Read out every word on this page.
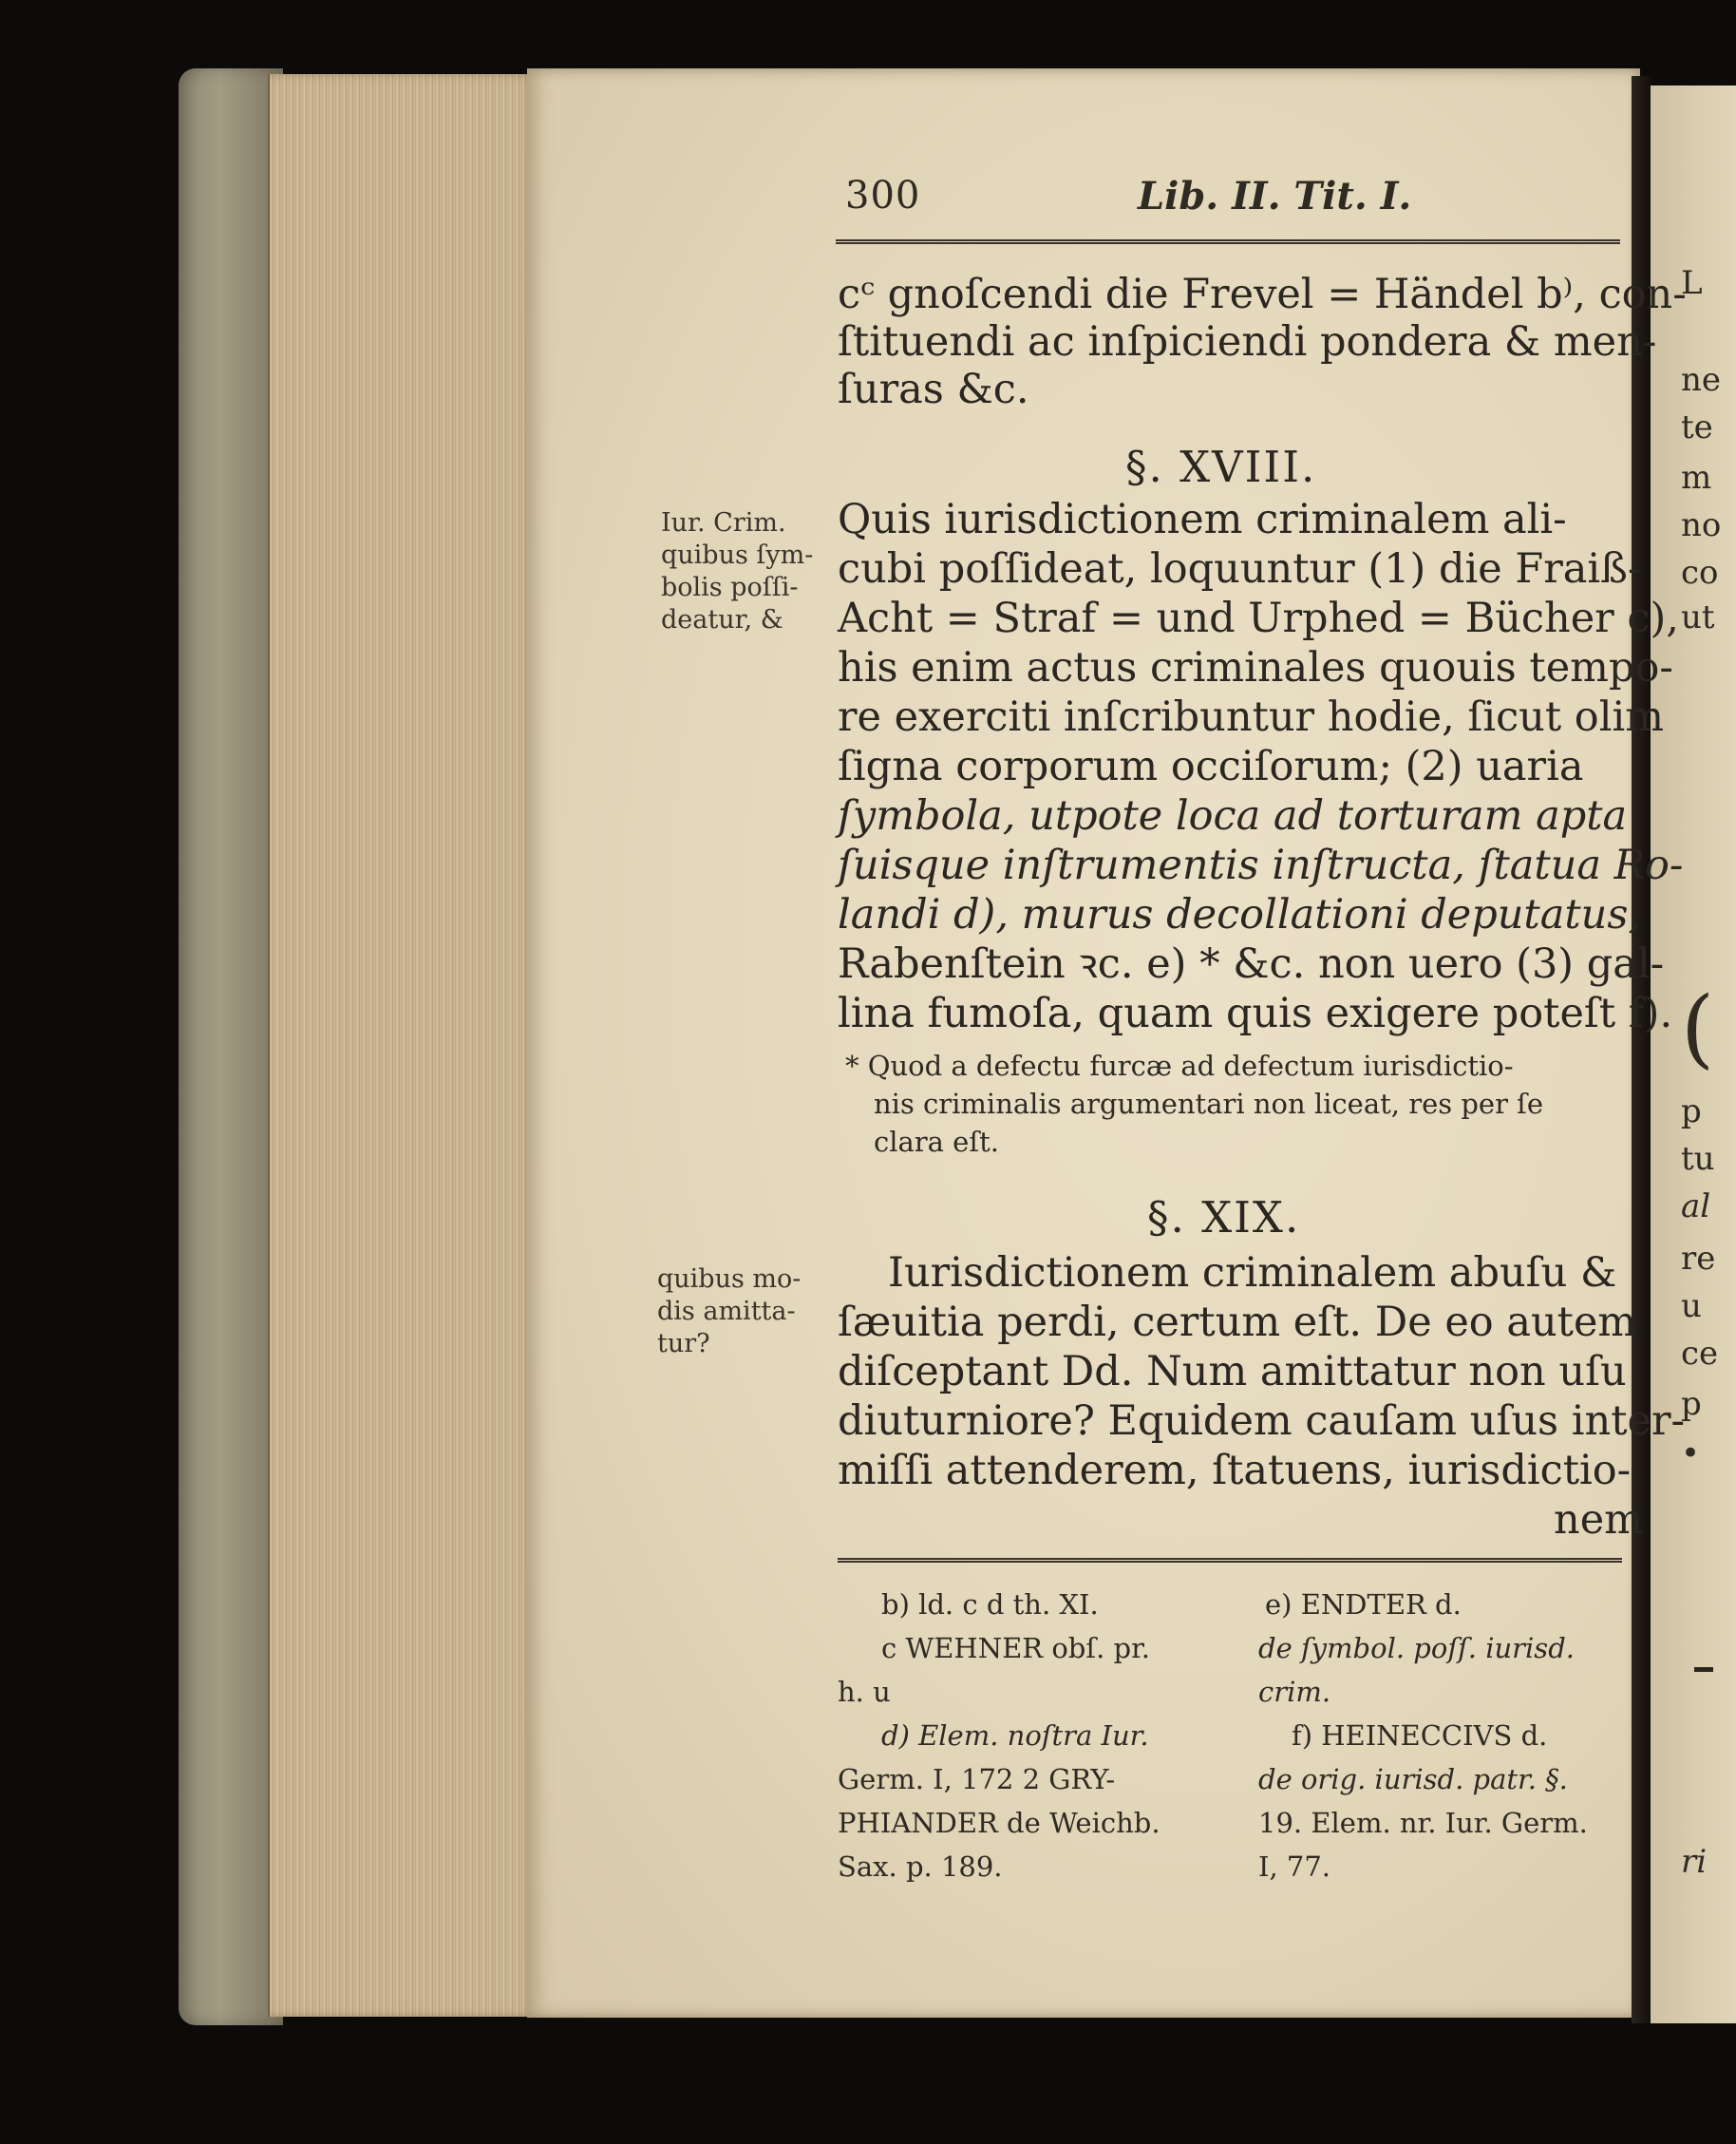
L
ne
te
m
no
co
ut
(
p
tu
al
re
u
ce
p
•
ri
300	Lib. II. Tit. I.
cᶜ gnoſcendi die Frevel = Händel b⁾, con-
ſtituendi ac inſpiciendi pondera & men-
ſuras &c.
§. XVIII.
Iur. Crim.
quibus ſym-
bolis poſſi-
deatur, &
Quis iurisdictionem criminalem ali-
cubi poſſideat, loquuntur (1) die Fraiß-
Acht = Straf = und Urphed = Bücher c),
his enim actus criminales quouis tempo-
re exerciti inſcribuntur hodie, ſicut olim
ſigna corporum occiſorum; (2) uaria
ſymbola, utpote loca ad torturam apta
ſuisque inſtrumentis inſtructa, ſtatua Ro-
landi d), murus decollationi deputatus,
Rabenſtein ꝛc. e) * &c. non uero (3) gal-
lina fumoſa, quam quis exigere poteſt f).
* Quod a defectu furcæ ad defectum iurisdictio-
nis criminalis argumentari non liceat, res per ſe
clara eſt.
§. XIX.
quibus mo-
dis amitta-
tur?
Iurisdictionem criminalem abuſu &
ſæuitia perdi, certum eſt. De eo autem
diſceptant Dd. Num amittatur non uſu
diuturniore? Equidem cauſam uſus inter-
miſſi attenderem, ſtatuens, iurisdictio-
nem
b) ld. c d th. XI.
c WEHNER obſ. pr.
h. u
d) Elem. noſtra Iur.
Germ. I, 172 2 GRY-
PHIANDER de Weichb.
Sax. p. 189.
e) ENDTER d.
de ſymbol. poſſ. iurisd.
crim.
f) HEINECCIVS d.
de orig. iurisd. patr. §.
19. Elem. nr. Iur. Germ.
I, 77.
